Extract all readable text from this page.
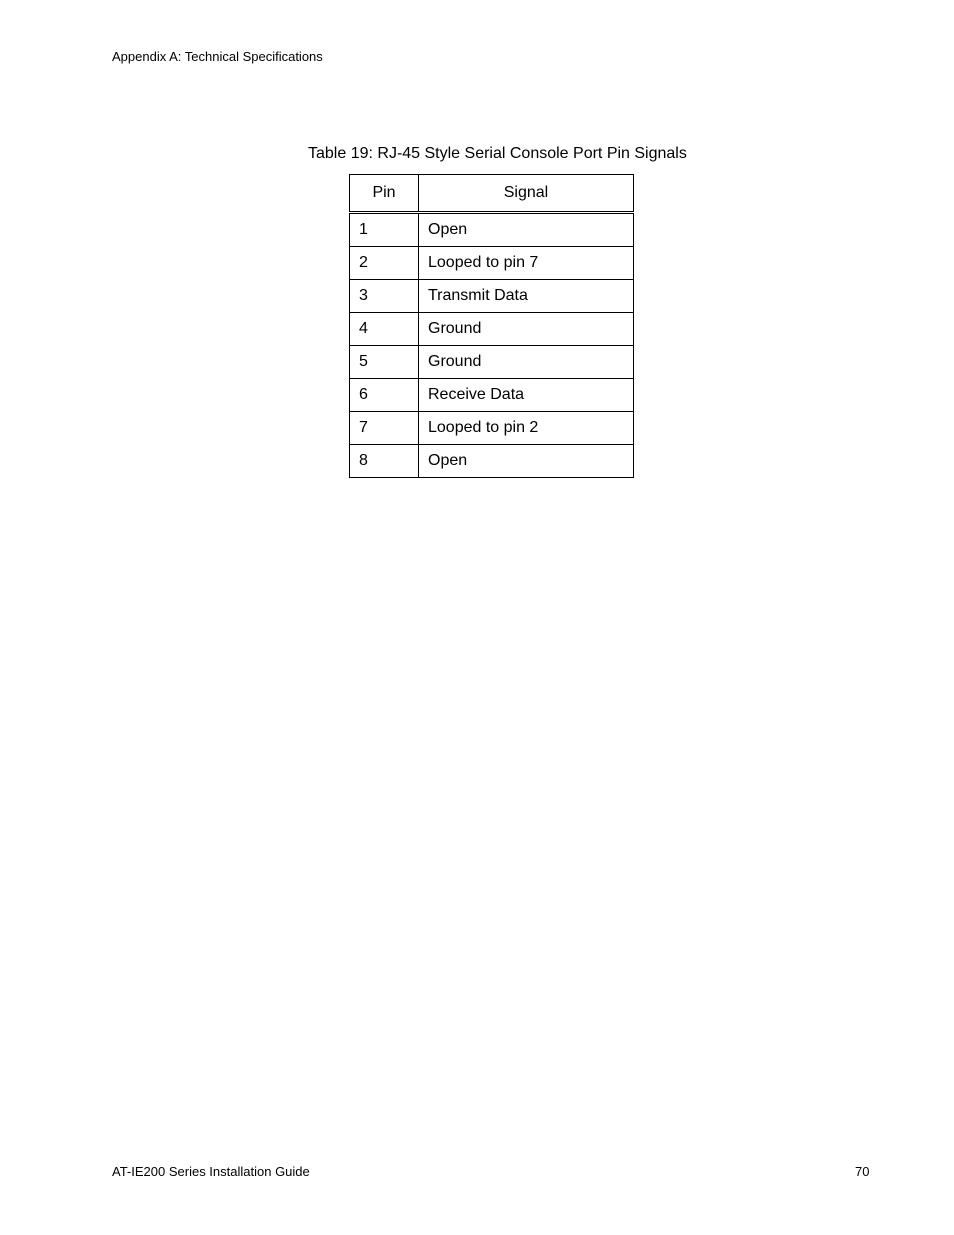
Appendix A: Technical Specifications
Table 19: RJ-45 Style Serial Console Port Pin Signals
Pin	Signal
1	Open
2	Looped to pin 7
3	Transmit Data
4	Ground
5	Ground
6	Receive Data
7	Looped to pin 2
8	Open
AT-IE200 Series Installation Guide	70
